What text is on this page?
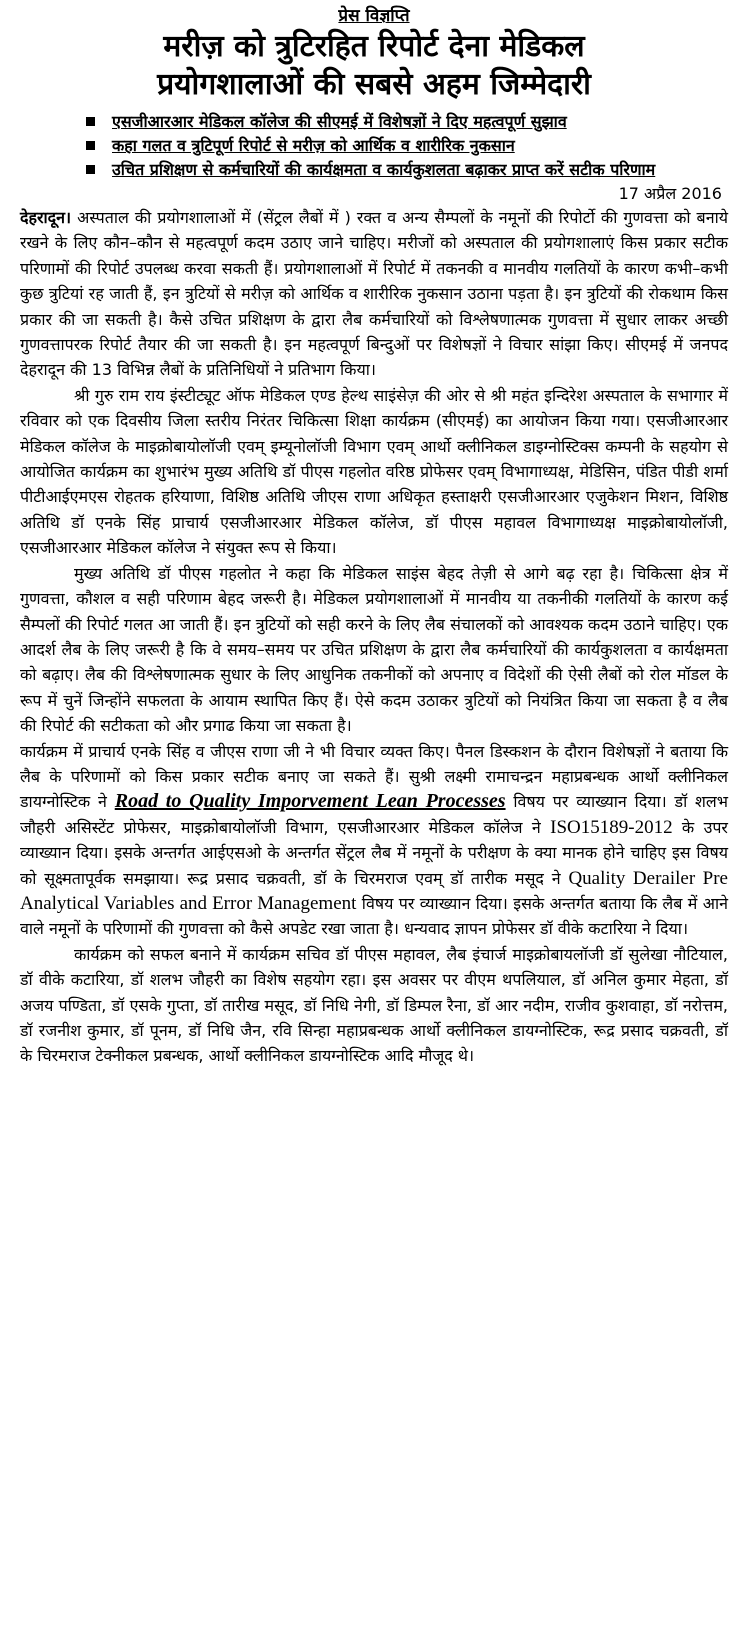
प्रेस विज्ञप्ति

मरीज़ को त्रुटिरहित रिपोर्ट देना मेडिकल
प्रयोगशालाओं की सबसे अहम जिम्मेदारी
एसजीआरआर मेडिकल कॉलेज की सीएमई में विशेषज्ञों ने दिए महत्वपूर्ण सुझाव
कहा गलत व त्रुटिपूर्ण रिपोर्ट से मरीज़ को आर्थिक व शारीरिक नुकसान
उचित प्रशिक्षण से कर्मचारियों की कार्यक्षमता व कार्यकुशलता बढ़ाकर प्राप्त करें सटीक परिणाम
17 अप्रैल 2016

देहरादून। अस्पताल की प्रयोगशालाओं में (सेंट्रल लैबों में ) रक्त व अन्य सैम्पलों के नमूनों की रिपोर्टो की गुणवत्ता को बनाये रखने के लिए कौन–कौन से महत्वपूर्ण कदम उठाए जाने चाहिए। मरीजों को अस्पताल की प्रयोगशालाएं किस प्रकार सटीक परिणामों की रिपोर्ट उपलब्ध करवा सकती हैं। प्रयोगशालाओं में रिपोर्ट में तकनकी व मानवीय गलतियों के कारण कभी–कभी कुछ त्रुटियां रह जाती हैं, इन त्रुटियों से मरीज़ को आर्थिक व शारीरिक नुकसान उठाना पड़ता है। इन त्रुटियों की रोकथाम किस प्रकार की जा सकती है। कैसे उचित प्रशिक्षण के द्वारा लैब कर्मचारियों को विश्लेषणात्मक गुणवत्ता में सुधार लाकर अच्छी गुणवत्तापरक रिपोर्ट तैयार की जा सकती है। इन महत्वपूर्ण बिन्दुओं पर विशेषज्ञों ने विचार सांझा किए। सीएमई में जनपद देहरादून की 13 विभिन्न लैबों के प्रतिनिधियों ने प्रतिभाग किया।

श्री गुरु राम राय इंस्टीट्यूट ऑफ मेडिकल एण्ड हेल्थ साइंसेज़ की ओर से श्री महंत इन्दिरेश अस्पताल के सभागार में रविवार को एक दिवसीय जिला स्तरीय निरंतर चिकित्सा शिक्षा कार्यक्रम (सीएमई) का आयोजन किया गया। एसजीआरआर मेडिकल कॉलेज के माइक्रोबायोलॉजी एवम् इम्यूनोलॉजी विभाग एवम् आर्थो क्लीनिकल डाइग्नोस्टिक्स कम्पनी के सहयोग से आयोजित कार्यक्रम का शुभारंभ मुख्य अतिथि डॉ पीएस गहलोत वरिष्ठ प्रोफेसर एवम् विभागाध्यक्ष, मेडिसिन, पंडित पीडी शर्मा पीटीआईएमएस रोहतक हरियाणा, विशिष्ठ अतिथि जीएस राणा अधिकृत हस्ताक्षरी एसजीआरआर एजुकेशन मिशन, विशिष्ठ अतिथि डॉ एनके सिंह प्राचार्य एसजीआरआर मेडिकल कॉलेज, डॉ पीएस महावल विभागाध्यक्ष माइक्रोबायोलॉजी, एसजीआरआर मेडिकल कॉलेज ने संयुक्त रूप से किया।

मुख्य अतिथि डॉ पीएस गहलोत ने कहा कि मेडिकल साइंस बेहद तेज़ी से आगे बढ़ रहा है। चिकित्सा क्षेत्र में गुणवत्ता, कौशल व सही परिणाम बेहद जरूरी है। मेडिकल प्रयोगशालाओं में मानवीय या तकनीकी गलतियों के कारण कई सैम्पलों की रिपोर्ट गलत आ जाती हैं। इन त्रुटियों को सही करने के लिए लैब संचालकों को आवश्यक कदम उठाने चाहिए। एक आदर्श लैब के लिए जरूरी है कि वे समय–समय पर उचित प्रशिक्षण के द्वारा लैब कर्मचारियों की कार्यकुशलता व कार्यक्षमता को बढ़ाए। लैब की विश्लेषणात्मक सुधार के लिए आधुनिक तकनीकों को अपनाए व विदेशों की ऐसी लैबों को रोल मॉडल के रूप में चुनें जिन्होंने सफलता के आयाम स्थापित किए हैं। ऐसे कदम उठाकर त्रुटियों को नियंत्रित किया जा सकता है व लैब की रिपोर्ट की सटीकता को और प्रगाढ किया जा सकता है।

कार्यक्रम में प्राचार्य एनके सिंह व जीएस राणा जी ने भी विचार व्यक्त किए। पैनल डिस्कशन के दौरान विशेषज्ञों ने बताया कि लैब के परिणामों को किस प्रकार सटीक बनाए जा सकते हैं। सुश्री लक्ष्मी रामाचन्द्रन महाप्रबन्धक आर्थो क्लीनिकल डायग्नोस्टिक ने Road to Quality Imporvement Lean Processes विषय पर व्याख्यान दिया। डॉ शलभ जौहरी असिस्टेंट प्रोफेसर, माइक्रोबायोलॉजी विभाग, एसजीआरआर मेडिकल कॉलेज ने ISO15189-2012 के उपर व्याख्यान दिया। इसके अन्तर्गत आईएसओ के अन्तर्गत सेंट्रल लैब में नमूनों के परीक्षण के क्या मानक होने चाहिए इस विषय को सूक्ष्मतापूर्वक समझाया। रूद्र प्रसाद चक्रवती, डॉ के चिरमराज एवम् डॉ तारीक मसूद ने Quality Derailer Pre Analytical Variables and Error Management विषय पर व्याख्यान दिया। इसके अन्तर्गत बताया कि लैब में आने वाले नमूनों के परिणामों की गुणवत्ता को कैसे अपडेट रखा जाता है। धन्यवाद ज्ञापन प्रोफेसर डॉ वीके कटारिया ने दिया।

कार्यक्रम को सफल बनाने में कार्यक्रम सचिव डॉ पीएस महावल, लैब इंचार्ज माइक्रोबायलॉजी डॉ सुलेखा नौटियाल, डॉ वीके कटारिया, डॉ शलभ जौहरी का विशेष सहयोग रहा। इस अवसर पर वीएम थपलियाल, डॉ अनिल कुमार मेहता, डॉ अजय पण्डिता, डॉ एसके गुप्ता, डॉ तारीख मसूद, डॉ निधि नेगी, डॉ डिम्पल रैना, डॉ आर नदीम, राजीव कुशवाहा, डॉ नरोत्तम, डॉ रजनीश कुमार, डॉ पूनम, डॉ निधि जैन, रवि सिन्हा महाप्रबन्धक आर्थो क्लीनिकल डायग्नोस्टिक, रूद्र प्रसाद चक्रवती, डॉ के चिरमराज टेक्नीकल प्रबन्धक, आर्थो क्लीनिकल डायग्नोस्टिक आदि मौजूद थे।
